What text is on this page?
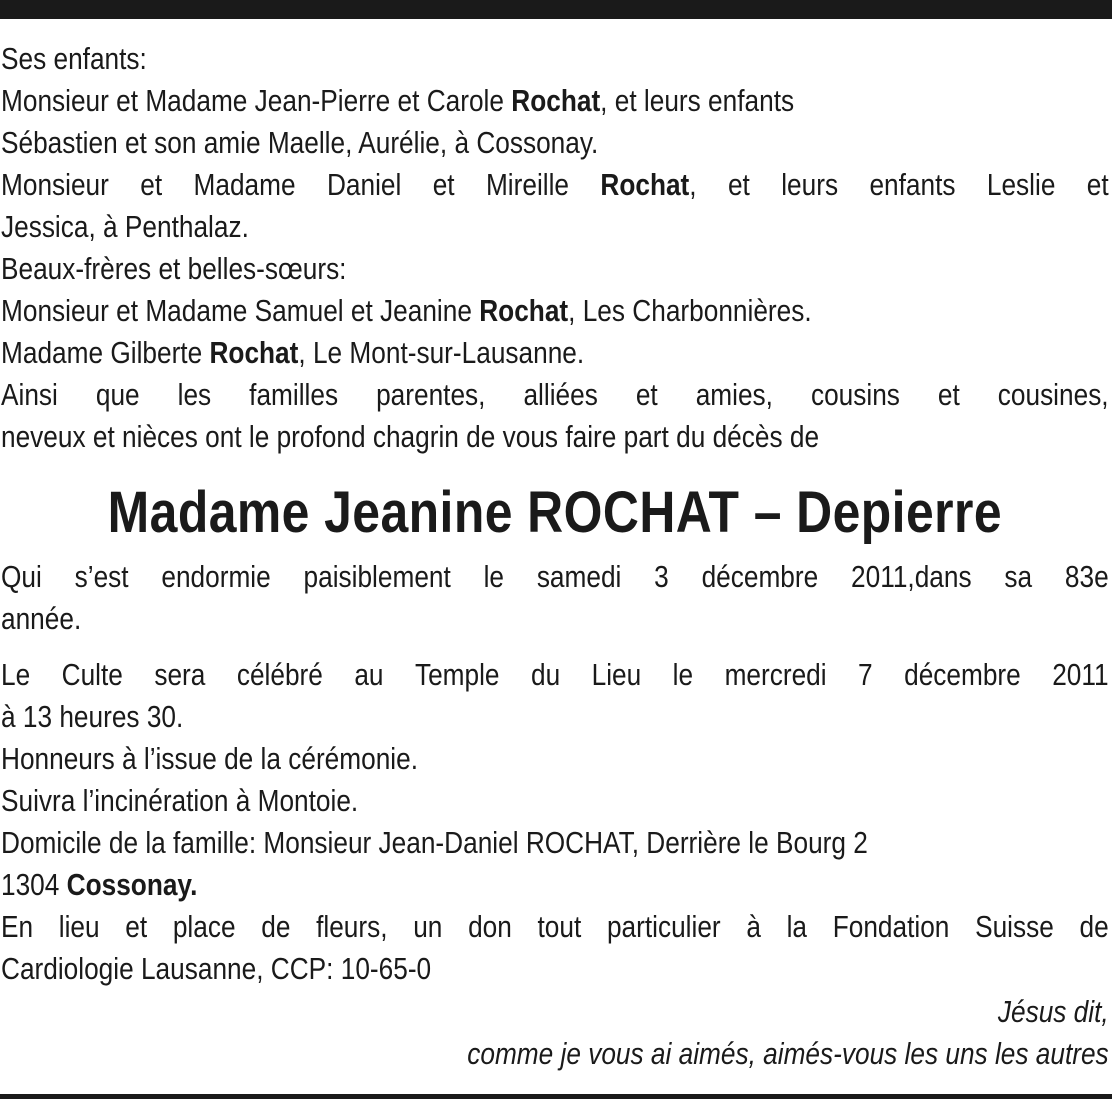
Ses enfants:
Monsieur et Madame Jean-Pierre et Carole Rochat, et leurs enfants
Sébastien et son amie Maelle, Aurélie, à Cossonay.
Monsieur et Madame Daniel et Mireille Rochat, et leurs enfants Leslie et
Jessica, à Penthalaz.
Beaux-frères et belles-sœurs:
Monsieur et Madame Samuel et Jeanine Rochat, Les Charbonnières.
Madame Gilberte Rochat, Le Mont-sur-Lausanne.
Ainsi que les familles parentes, alliées et amies, cousins et cousines,
neveux et nièces ont le profond chagrin de vous faire part du décès de
Madame Jeanine ROCHAT – Depierre
Qui s’est endormie paisiblement le samedi 3 décembre 2011,dans sa 83e
année.
Le Culte sera célébré au Temple du Lieu le mercredi 7 décembre 2011
à 13 heures 30.
Honneurs à l’issue de la cérémonie.
Suivra l’incinération à Montoie.
Domicile de la famille: Monsieur Jean-Daniel ROCHAT, Derrière le Bourg 2
1304 Cossonay.
En lieu et place de fleurs, un don tout particulier à la Fondation Suisse de
Cardiologie Lausanne, CCP: 10-65-0
Jésus dit,
comme je vous ai aimés, aimés-vous les uns les autres
